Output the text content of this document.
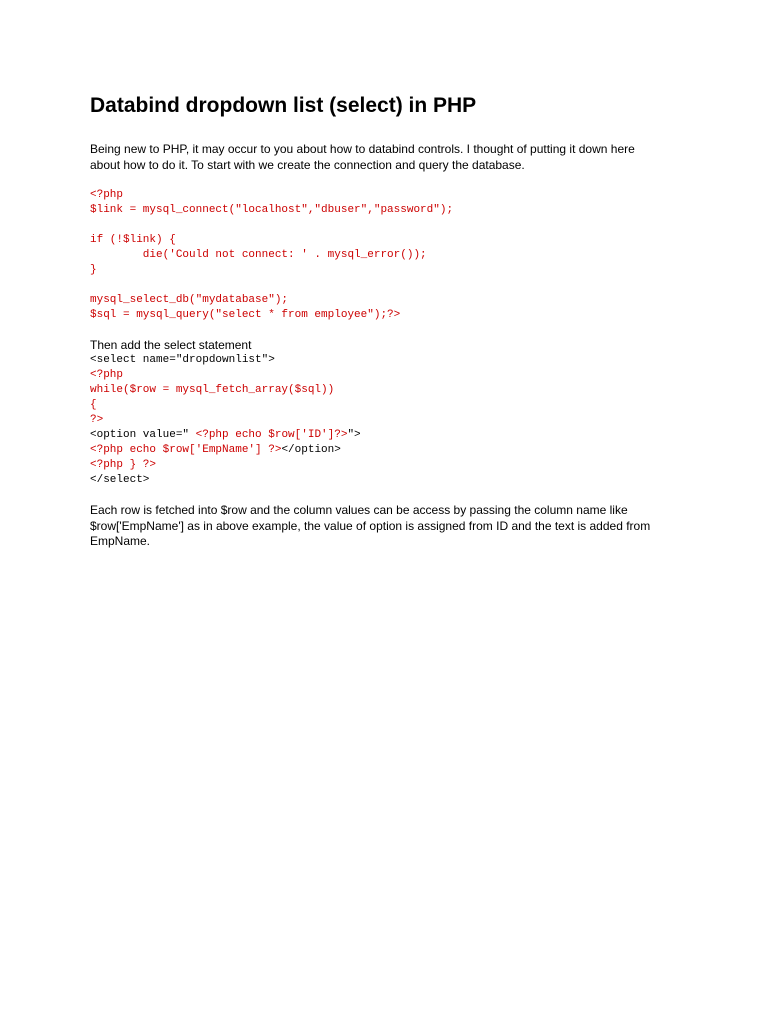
Databind dropdown list (select) in PHP

Being new to PHP, it may occur to you about how to databind controls. I thought of putting it down here

about how to do it. To start with we create the connection and query the database.

<?php
$link = mysql_connect("localhost","dbuser","password");
if (!$link) {
die('Could not connect: ' . mysql_error());
}
mysql_select_db("mydatabase");
$sql = mysql_query("select * from employee");?>

Then add the select statement

<select name="dropdownlist">
<?php
while($row = mysql_fetch_array($sql))
{
?>
<option value=" <?php echo $row['ID']?>">
<?php echo $row['EmpName'] ?></option>
<?php } ?>
</select>

Each row is fetched into $row and the column values can be access by passing the column name like

$row['EmpName'] as in above example, the value of option is assigned from ID and the text is added from

EmpName.
